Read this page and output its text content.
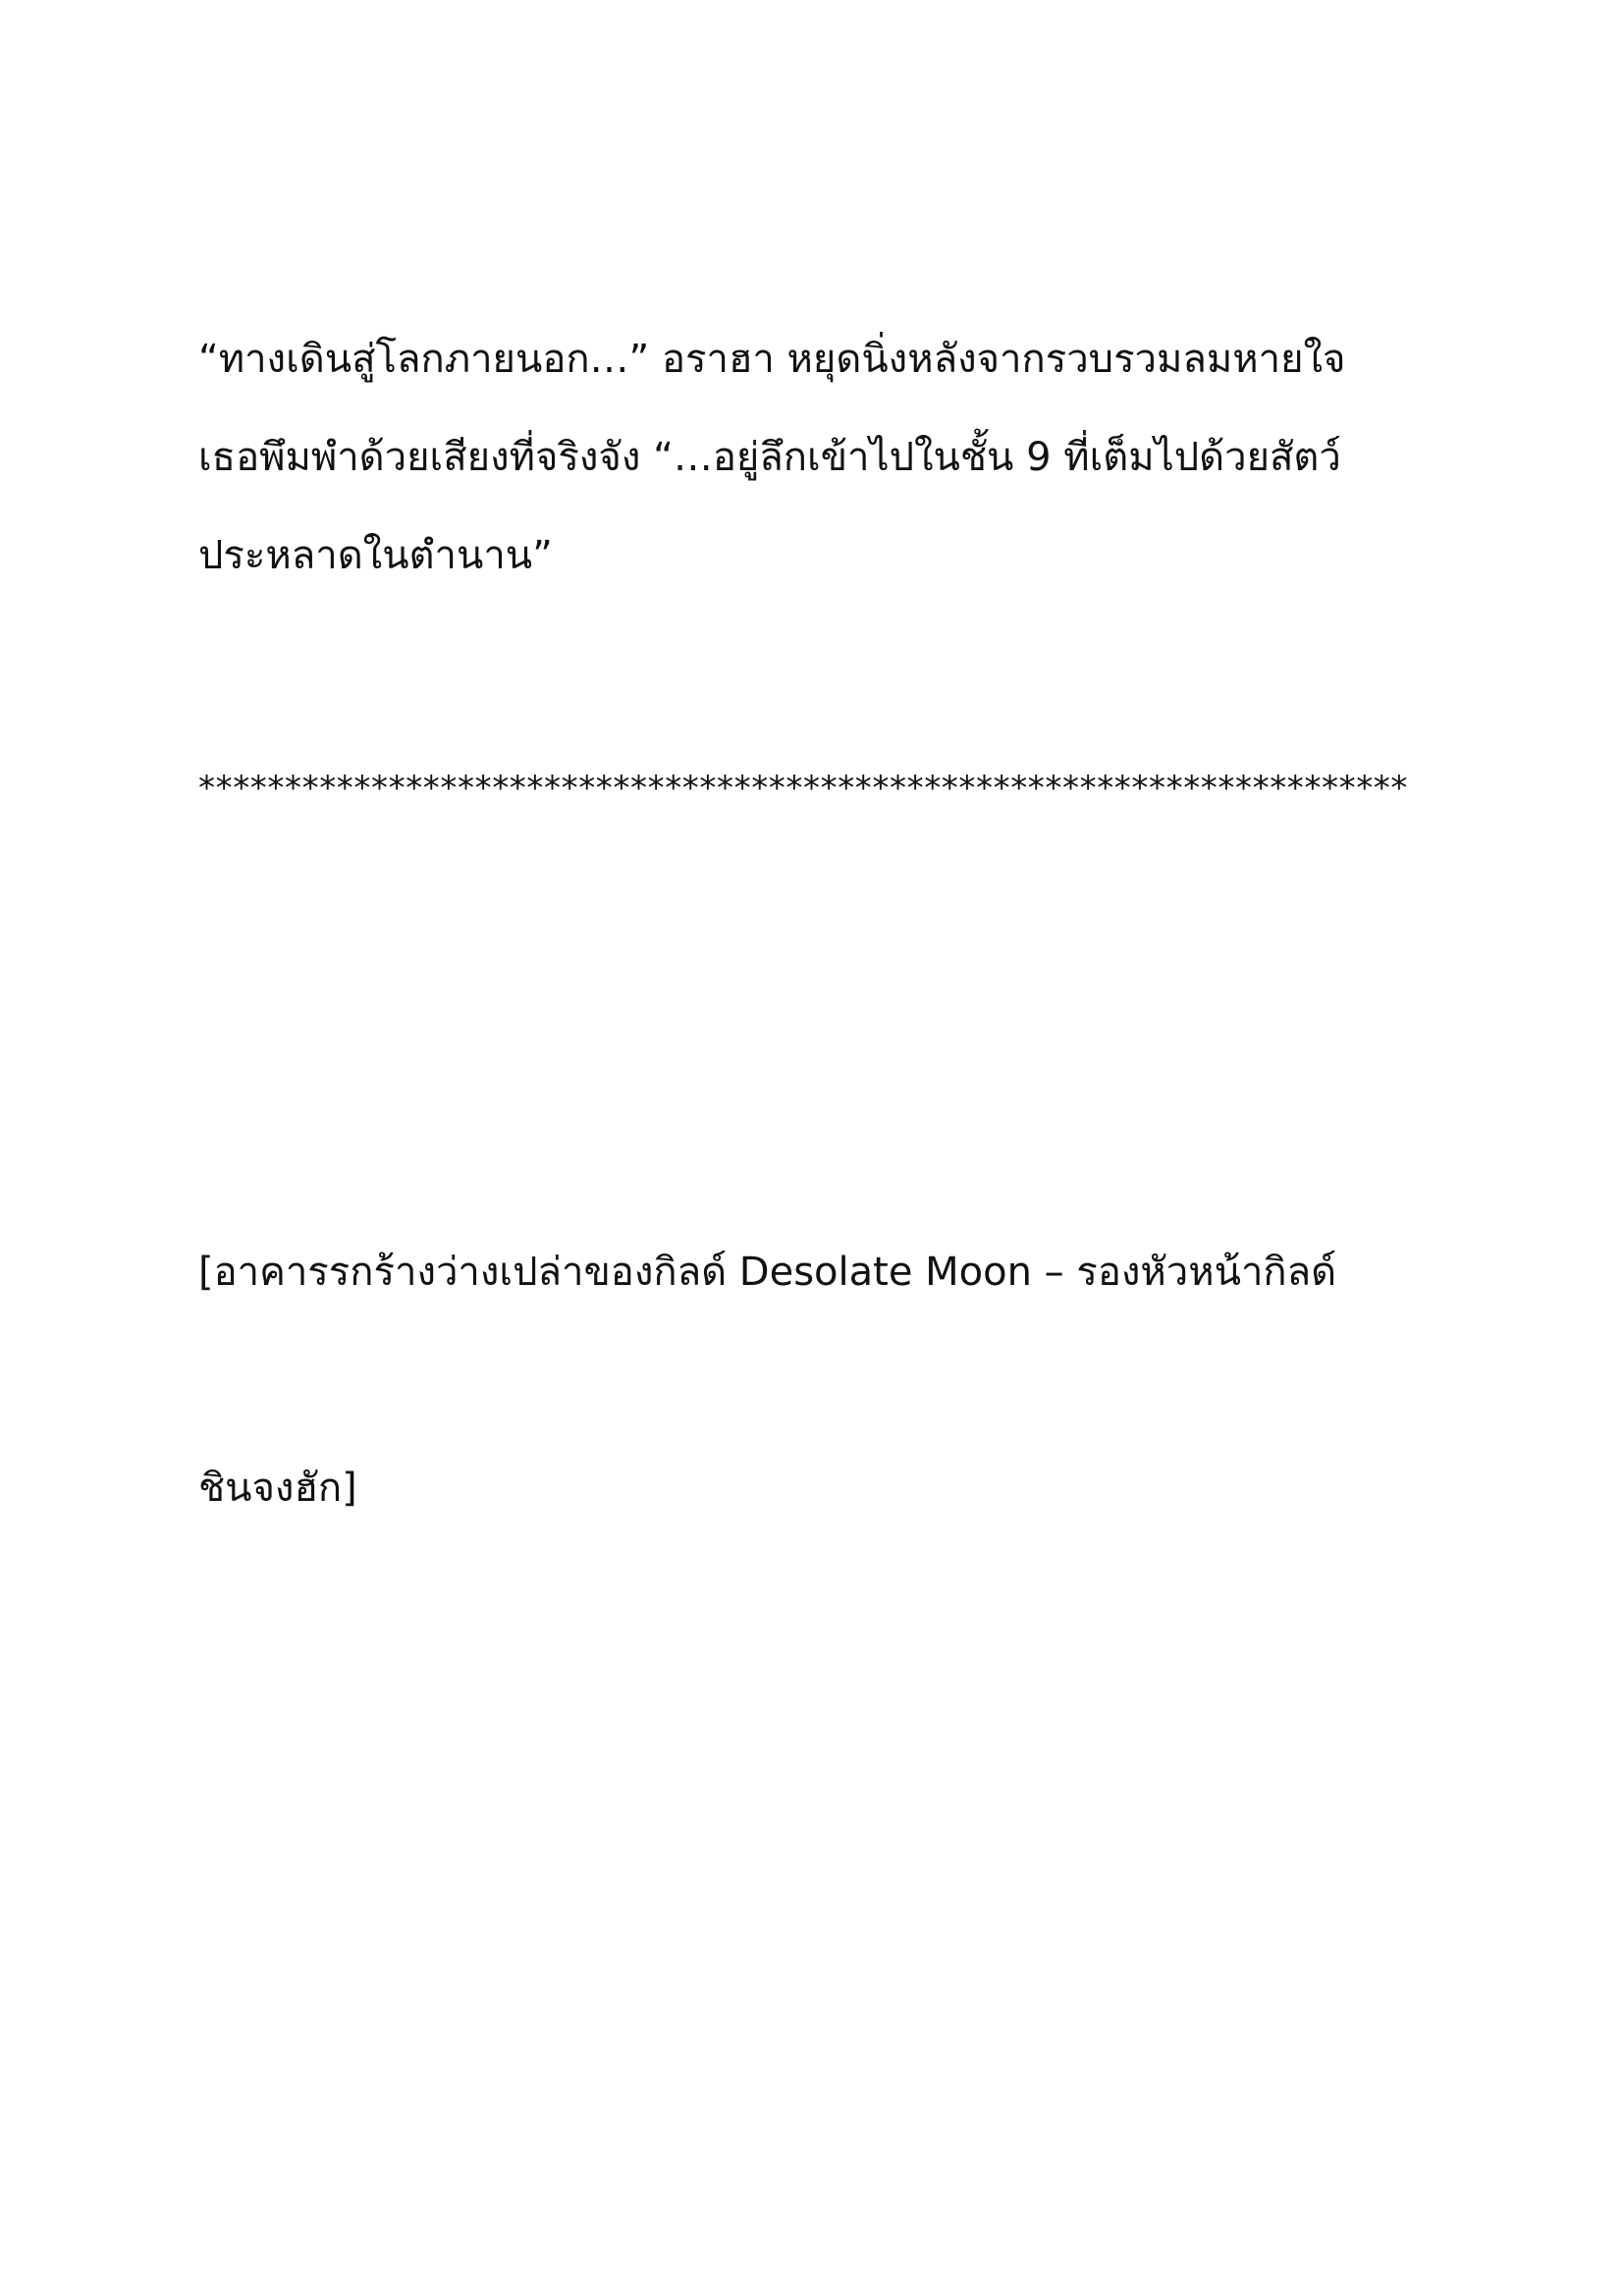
“ทางเดินสู่โลกภายนอก…” อราฮา หยุดนิ่งหลังจากรวบรวมลมหายใจ
เธอพึมพำด้วยเสียงที่จริงจัง “…อยู่ลึกเข้าไปในชั้น 9 ที่เต็มไปด้วยสัตว์
ประหลาดในตำนาน”
**********************************************************************
[อาคารรกร้างว่างเปล่าของกิลด์ Desolate Moon – รองหัวหน้ากิลด์
ชินจงฮัก]
